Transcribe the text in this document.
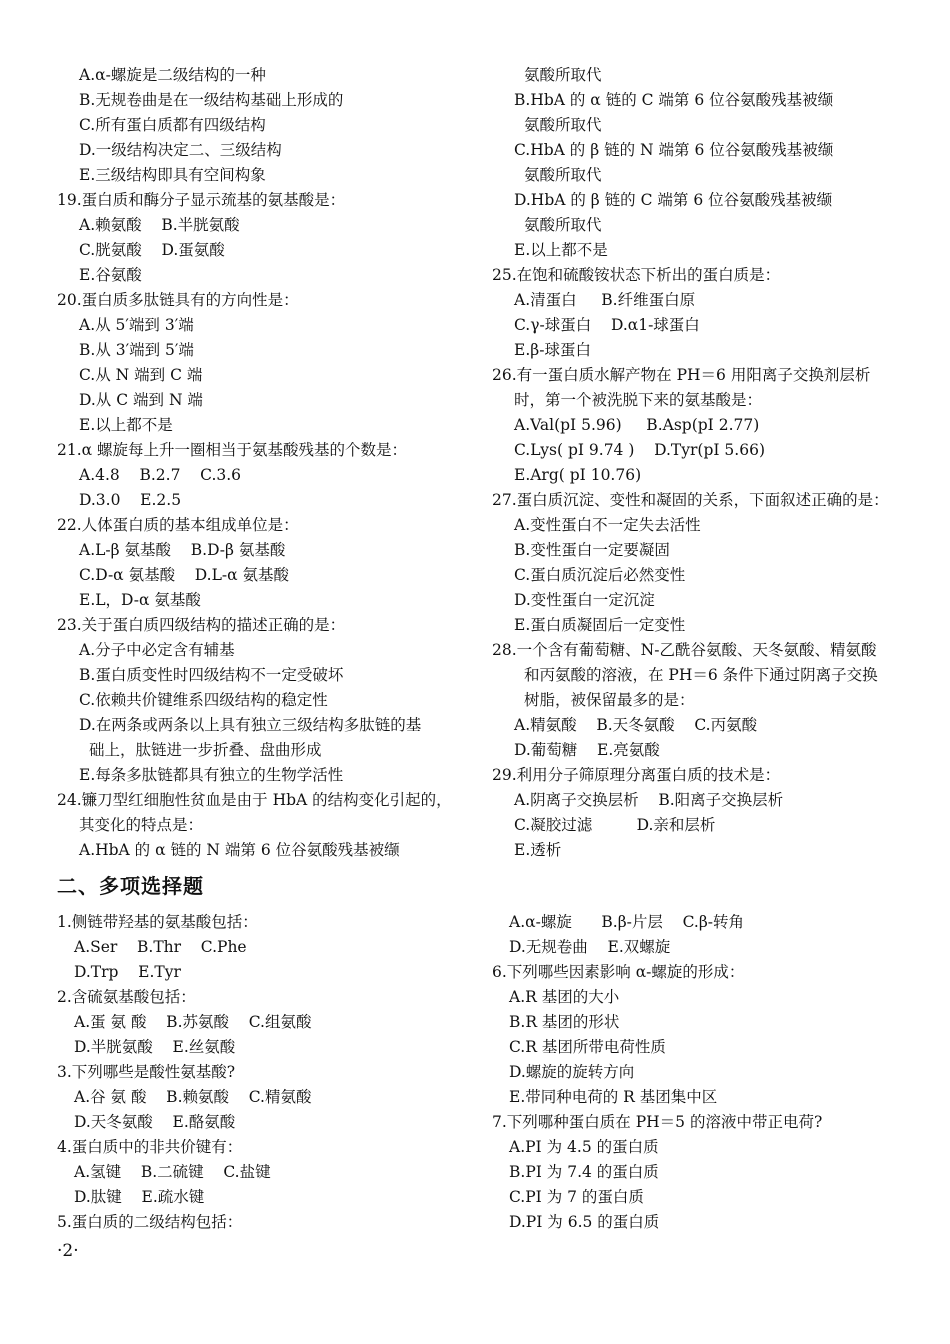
A.α-螺旋是二级结构的一种
B.无规卷曲是在一级结构基础上形成的
C.所有蛋白质都有四级结构
D.一级结构决定二、三级结构
E.三级结构即具有空间构象
19.蛋白质和酶分子显示巯基的氨基酸是：
A.赖氨酸    B.半胱氨酸
C.胱氨酸    D.蛋氨酸
E.谷氨酸
20.蛋白质多肽链具有的方向性是：
A.从 5′端到 3′端
B.从 3′端到 5′端
C.从 N 端到 C 端
D.从 C 端到 N 端
E.以上都不是
21.α 螺旋每上升一圈相当于氨基酸残基的个数是：
A.4.8    B.2.7    C.3.6
D.3.0    E.2.5
22.人体蛋白质的基本组成单位是：
A.L-β 氨基酸    B.D-β 氨基酸
C.D-α 氨基酸    D.L-α 氨基酸
E.L，D-α 氨基酸
23.关于蛋白质四级结构的描述正确的是：
A.分子中必定含有辅基
B.蛋白质变性时四级结构不一定受破坏
C.依赖共价键维系四级结构的稳定性
D.在两条或两条以上具有独立三级结构多肽链的基
础上，肽链进一步折叠、盘曲形成
E.每条多肽链都具有独立的生物学活性
24.镰刀型红细胞性贫血是由于 HbA 的结构变化引起的，
其变化的特点是：
A.HbA 的 α 链的 N 端第 6 位谷氨酸残基被缬
氨酸所取代
B.HbA 的 α 链的 C 端第 6 位谷氨酸残基被缬
氨酸所取代
C.HbA 的 β 链的 N 端第 6 位谷氨酸残基被缬
氨酸所取代
D.HbA 的 β 链的 C 端第 6 位谷氨酸残基被缬
氨酸所取代
E.以上都不是
25.在饱和硫酸铵状态下析出的蛋白质是：
A.清蛋白     B.纤维蛋白原
C.γ-球蛋白    D.α1-球蛋白
E.β-球蛋白
26.有一蛋白质水解产物在 PH＝6 用阳离子交换剂层析
时，第一个被洗脱下来的氨基酸是：
A.Val(pI 5.96)     B.Asp(pI 2.77)
C.Lys( pI 9.74 )    D.Tyr(pI 5.66)
E.Arg( pI 10.76)
27.蛋白质沉淀、变性和凝固的关系，下面叙述正确的是：
A.变性蛋白不一定失去活性
B.变性蛋白一定要凝固
C.蛋白质沉淀后必然变性
D.变性蛋白一定沉淀
E.蛋白质凝固后一定变性
28.一个含有葡萄糖、N-乙酰谷氨酸、天冬氨酸、精氨酸
和丙氨酸的溶液，在 PH＝6 条件下通过阴离子交换
树脂，被保留最多的是：
A.精氨酸    B.天冬氨酸    C.丙氨酸
D.葡萄糖    E.亮氨酸
29.利用分子筛原理分离蛋白质的技术是：
A.阴离子交换层析    B.阳离子交换层析
C.凝胶过滤         D.亲和层析
E.透析
二、多项选择题
1.侧链带羟基的氨基酸包括：
A.Ser    B.Thr    C.Phe
D.Trp    E.Tyr
2.含硫氨基酸包括：
A.蛋 氨 酸    B.苏氨酸    C.组氨酸
D.半胱氨酸    E.丝氨酸
3.下列哪些是酸性氨基酸?
A.谷 氨 酸    B.赖氨酸    C.精氨酸
D.天冬氨酸    E.酪氨酸
4.蛋白质中的非共价键有：
A.氢键    B.二硫键    C.盐键
D.肽键    E.疏水键
5.蛋白质的二级结构包括：
A.α-螺旋      B.β-片层    C.β-转角
D.无规卷曲    E.双螺旋
6.下列哪些因素影响 α-螺旋的形成：
A.R 基团的大小
B.R 基团的形状
C.R 基团所带电荷性质
D.螺旋的旋转方向
E.带同种电荷的 R 基团集中区
7.下列哪种蛋白质在 PH＝5 的溶液中带正电荷?
A.PI 为 4.5 的蛋白质
B.PI 为 7.4 的蛋白质
C.PI 为 7 的蛋白质
D.PI 为 6.5 的蛋白质
·2·
